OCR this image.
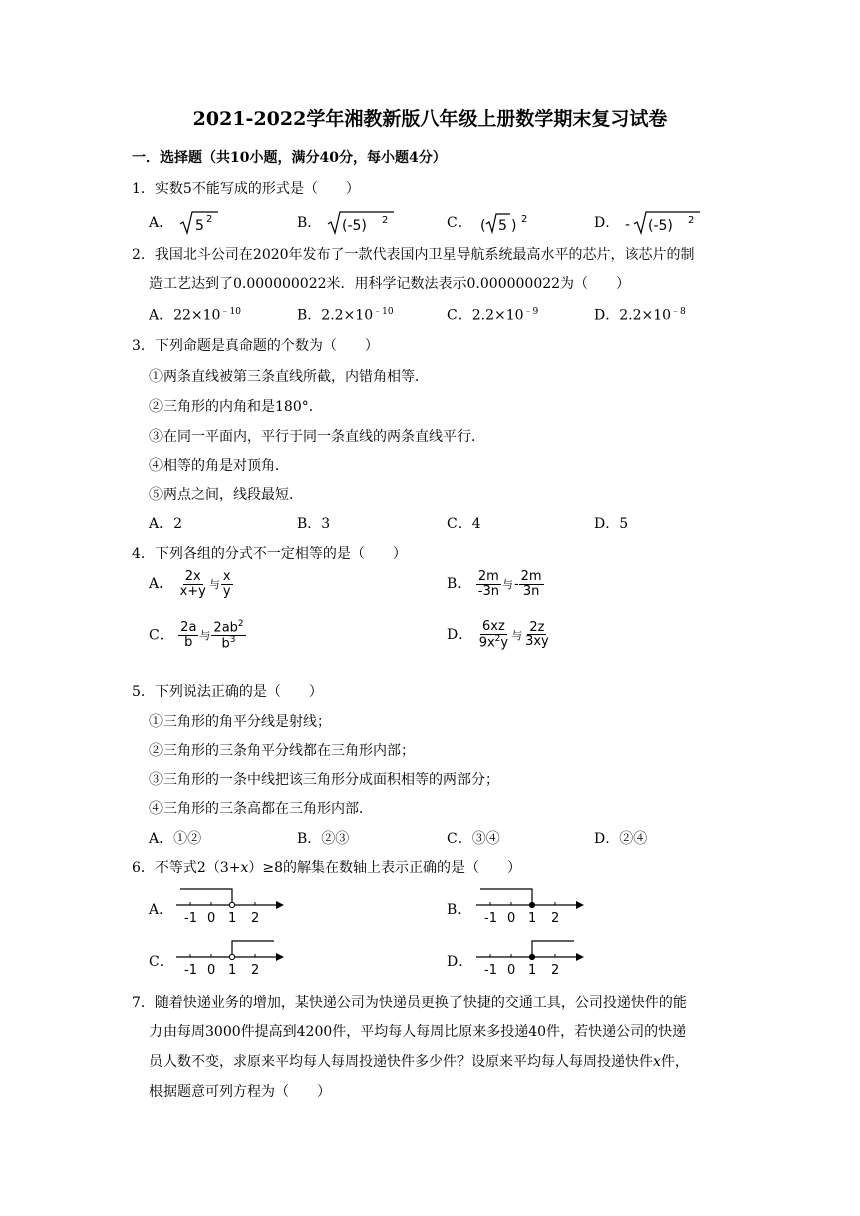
2021-2022学年湘教新版八年级上册数学期末复习试卷
一．选择题（共10小题，满分40分，每小题4分）
1．实数5不能写成的形式是（　　）
A． 5 2	B． (-5) 2	C． ( 5 ) 2	D． - (-5) 2
2．我国北斗公司在2020年发布了一款代表国内卫星导航系统最高水平的芯片，该芯片的制
造工艺达到了0.000000022米．用科学记数法表示0.000000022为（　　）
A．$22\times 10^{﹣10}$	B．$2.2\times 10^{﹣10}$	C．$2.2\times 10^{﹣9}$	D．$2.2\times 10^{﹣8}$
3．下列命题是真命题的个数为（　　）
①两条直线被第三条直线所截，内错角相等．
②三角形的内角和是180°．
③在同一平面内，平行于同一条直线的两条直线平行．
④相等的角是对顶角．
⑤两点之间，线段最短．
A．2	B．3	C．4	D．5
4．下列各组的分式不一定相等的是（　　）
A． $\frac{2x}{x+y}$ 与 $\frac{x}{y}$	B． $\frac{2m}{-3n}$ 与- $\frac{2m}{3n}$
C． $\frac{2a}{b}$ 与 $\frac{2ab^2}{b^3}$	D． $\frac{6xz}{9x^2y}$ 与 $\frac{2z}{3xy}$
5．下列说法正确的是（　　）
①三角形的角平分线是射线；
②三角形的三条角平分线都在三角形内部；
③三角形的一条中线把该三角形分成面积相等的两部分；
④三角形的三条高都在三角形内部．
A．①②	B．②③	C．③④	D．②④
6．不等式2（3+x）≥8的解集在数轴上表示正确的是（　　）
A．
-1 0 1 2
B．
-1 0 1 2
C．
-1 0 1 2
D．
-1 0 1 2
7．随着快递业务的增加，某快递公司为快递员更换了快捷的交通工具，公司投递快件的能
力由每周3000件提高到4200件，平均每人每周比原来多投递40件，若快递公司的快递
员人数不变，求原来平均每人每周投递快件多少件？设原来平均每人每周投递快件x件，
根据题意可列方程为（　　）
